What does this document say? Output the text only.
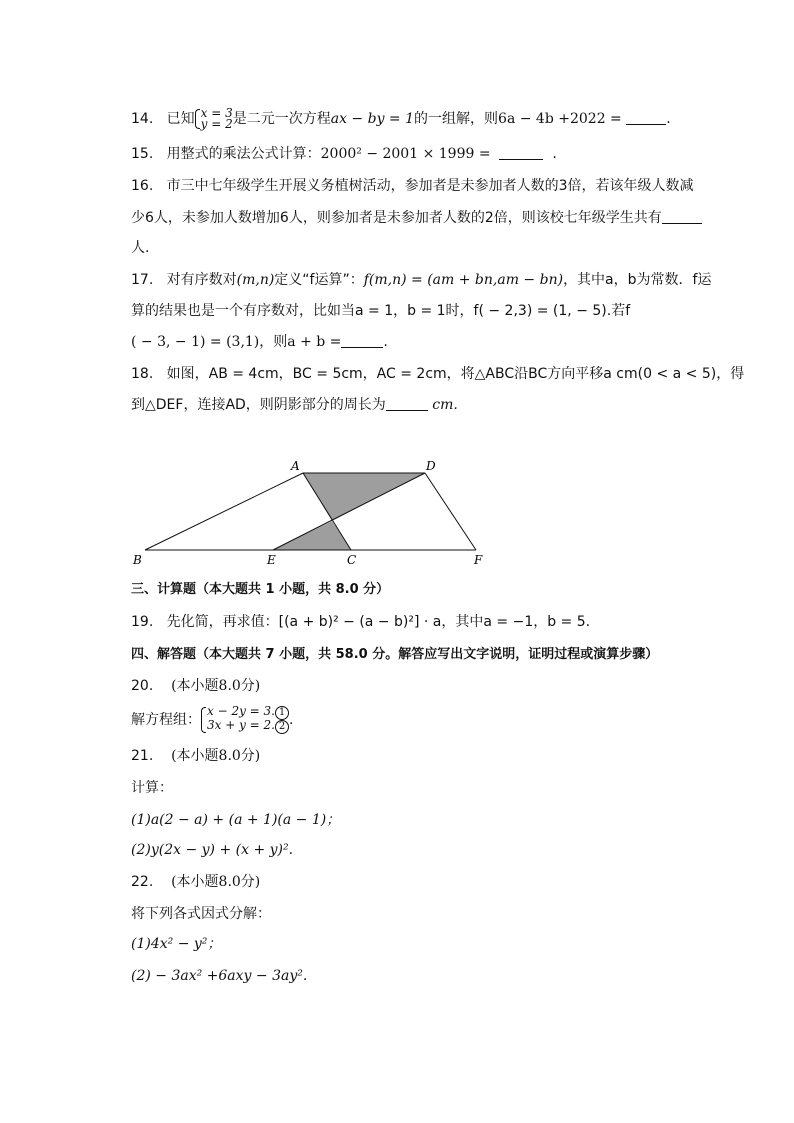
14. 已知 x = 3
y = 2是二元一次方程ax − by = 1的一组解，则6a − 4b +2022 =	.
15. 用整式的乘法公式计算：2000² − 2001 × 1999 =	.
16. 市三中七年级学生开展义务植树活动，参加者是未参加者人数的3倍，若该年级人数减
少6人，未参加人数增加6人，则参加者是未参加者人数的2倍，则该校七年级学生共有
人.
17. 对有序数对(m,n)定义“f运算”：f(m,n) = (am + bn,am − bn)，其中a，b为常数．f运
算的结果也是一个有序数对，比如当a = 1，b = 1时，f( − 2,3) = (1, − 5).若f
( − 3, − 1) = (3,1)，则a + b =	.
18. 如图，AB = 4cm，BC = 5cm，AC = 2cm，将△ABC沿BC方向平移a cm(0 < a < 5)，得
到△DEF，连接AD，则阴影部分的周长为	cm.
A	D
B	E	C	F
三、计算题（本大题共 1 小题，共 8.0 分）
19. 先化简，再求值：[(a + b)² − (a − b)²] · a，其中a = −1，b = 5.
四、解答题（本大题共 7 小题，共 58.0 分。解答应写出文字说明，证明过程或演算步骤）
20. (本小题8.0分)
解方程组：x − 2y = 3. 1
3x + y = 2. 2 .
21. (本小题8.0分)
计算：
(1)a(2 − a) + (a + 1)(a − 1)；
(2)y(2x − y) + (x + y)².
22. (本小题8.0分)
将下列各式因式分解：
(1)4x² − y²；
(2) − 3ax² +6axy − 3ay².
